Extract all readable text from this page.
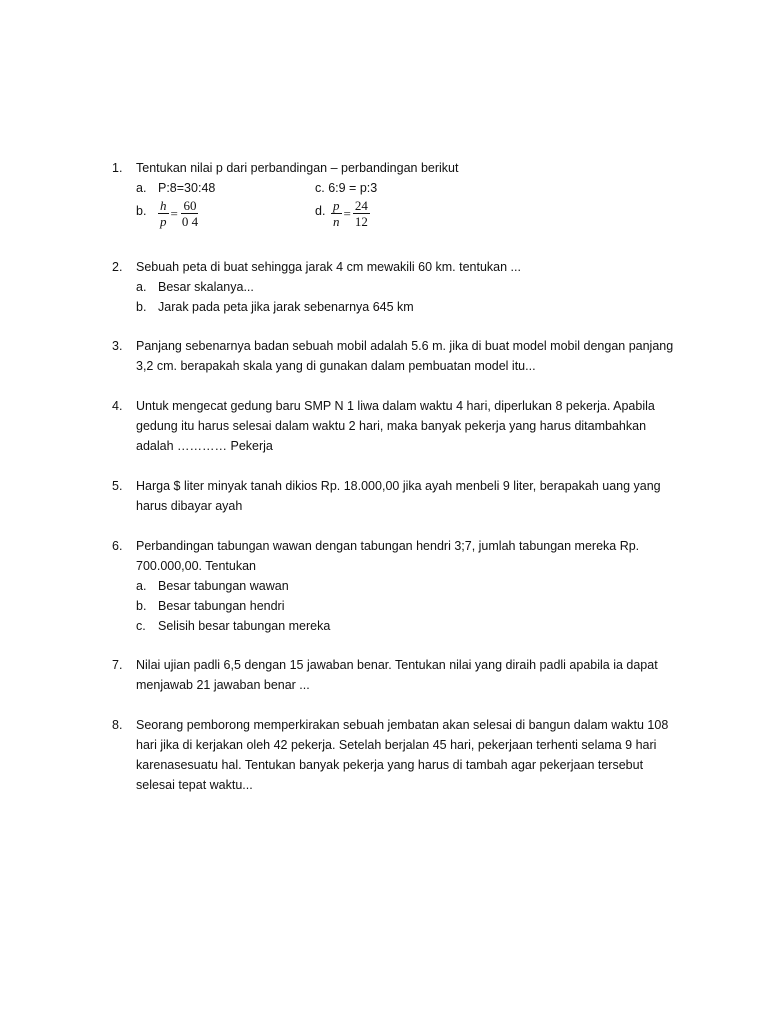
1. Tentukan nilai p dari perbandingan – perbandingan berikut
a. P:8=30:48	c. 6:9 = p:3
b. $\frac{h}{p} = \frac{60}{0 4}$	d. $\frac{p}{n} = \frac{24}{12}$
2. Sebuah peta di buat sehingga jarak 4 cm mewakili 60 km. tentukan ...
a. Besar skalanya...
b. Jarak pada peta jika jarak sebenarnya 645 km
3. Panjang sebenarnya badan sebuah mobil adalah 5.6 m. jika di buat model mobil dengan panjang
3,2 cm. berapakah skala yang di gunakan dalam pembuatan model itu...
4. Untuk mengecat gedung baru SMP N 1 liwa dalam waktu 4 hari, diperlukan 8 pekerja. Apabila
gedung itu harus selesai dalam waktu 2 hari, maka banyak pekerja yang harus ditambahkan
adalah ………… Pekerja
5. Harga $ liter minyak tanah dikios Rp. 18.000,00 jika ayah menbeli 9 liter, berapakah uang yang
harus dibayar ayah
6. Perbandingan tabungan wawan dengan tabungan hendri 3;7, jumlah tabungan mereka Rp.
700.000,00. Tentukan
a. Besar tabungan wawan
b. Besar tabungan hendri
c. Selisih besar tabungan mereka
7. Nilai ujian padli 6,5 dengan 15 jawaban benar. Tentukan nilai yang diraih padli apabila ia dapat
menjawab 21 jawaban benar ...
8. Seorang pemborong memperkirakan sebuah jembatan akan selesai di bangun dalam waktu 108
hari jika di kerjakan oleh 42 pekerja. Setelah berjalan 45 hari, pekerjaan terhenti selama 9 hari
karenasesuatu hal. Tentukan banyak pekerja yang harus di tambah agar pekerjaan tersebut
selesai tepat waktu...
